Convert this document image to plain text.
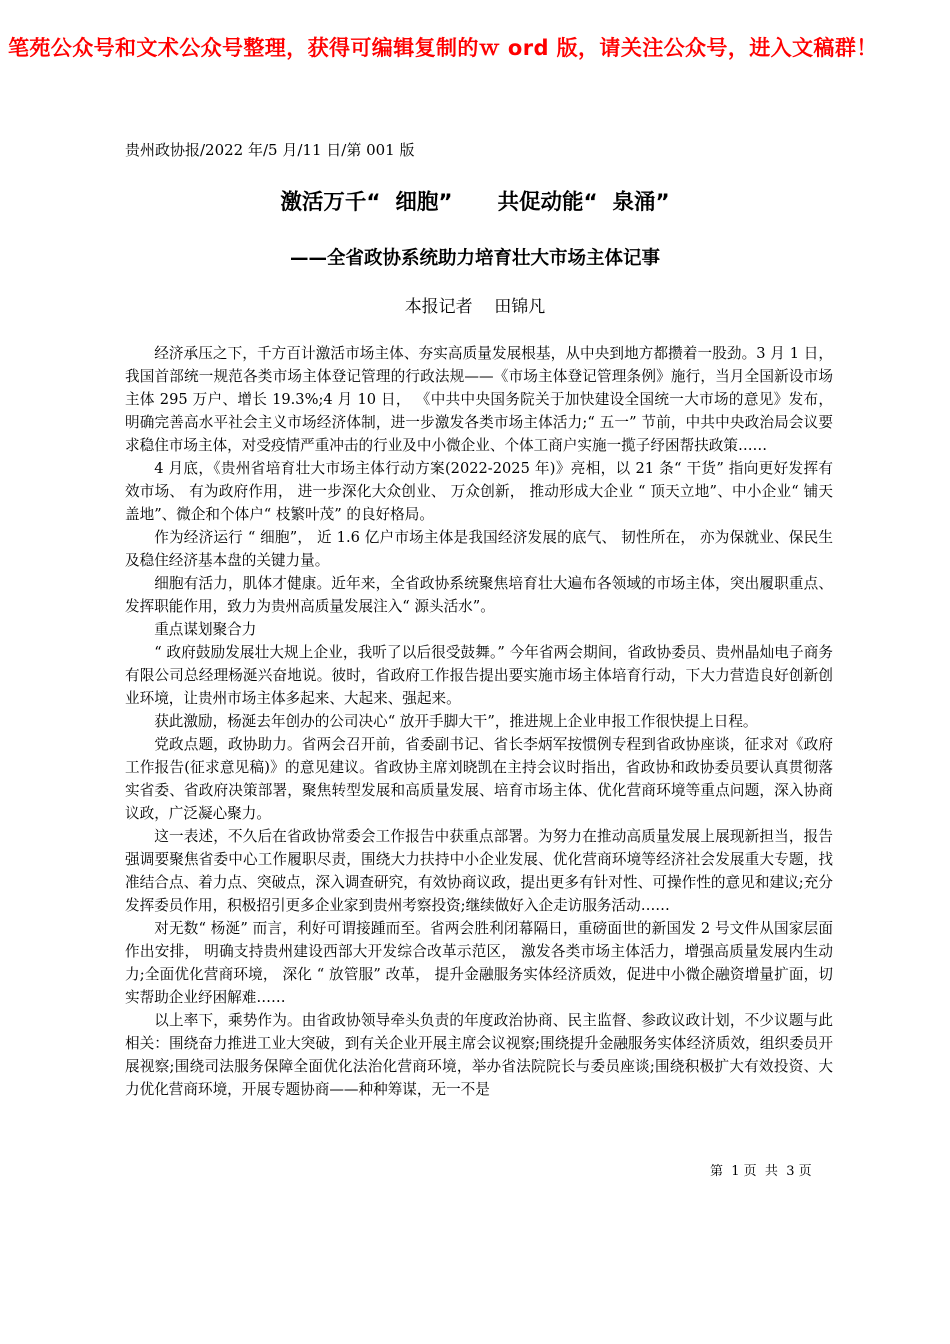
笔苑公众号和文术公众号整理，获得可编辑复制的ｗ ord 版，请关注公众号，进入文稿群！
贵州政协报/2022 年/5 月/11 日/第 001 版
激活万千“  细胞”      共促动能“  泉涌”
——全省政协系统助力培育壮大市场主体记事
本报记者    田锦凡

经济承压之下，千方百计激活市场主体、夯实高质量发展根基，从中央到地方都攒着一股劲。3 月 1 日，我国首部统一规范各类市场主体登记管理的行政法规——《市场主体登记管理条例》施行，当月全国新设市场主体 295 万户、增长 19.3%;4 月 10 日， 《中共中央国务院关于加快建设全国统一大市场的意见》发布，明确完善高水平社会主义市场经济体制，进一步激发各类市场主体活力;“ 五一” 节前，中共中央政治局会议要求稳住市场主体，对受疫情严重冲击的行业及中小微企业、个体工商户实施一揽子纾困帮扶政策……

4 月底，《贵州省培育壮大市场主体行动方案(2022-2025 年)》亮相，以 21 条“ 干货” 指向更好发挥有效市场、 有为政府作用， 进一步深化大众创业、 万众创新， 推动形成大企业 “ 顶天立地”、中小企业“ 铺天盖地”、微企和个体户“ 枝繁叶茂” 的良好格局。

作为经济运行 “ 细胞”， 近 1.6 亿户市场主体是我国经济发展的底气、 韧性所在， 亦为保就业、保民生及稳住经济基本盘的关键力量。

细胞有活力，肌体才健康。近年来，全省政协系统聚焦培育壮大遍布各领域的市场主体，突出履职重点、发挥职能作用，致力为贵州高质量发展注入“ 源头活水”。

重点谋划聚合力

“ 政府鼓励发展壮大规上企业，我听了以后很受鼓舞。” 今年省两会期间，省政协委员、贵州晶灿电子商务有限公司总经理杨涎兴奋地说。彼时，省政府工作报告提出要实施市场主体培育行动，下大力营造良好创新创业环境，让贵州市场主体多起来、大起来、强起来。

获此激励，杨涎去年创办的公司决心“ 放开手脚大干”，推进规上企业申报工作很快提上日程。

党政点题，政协助力。省两会召开前，省委副书记、省长李炳军按惯例专程到省政协座谈，征求对《政府工作报告(征求意见稿)》的意见建议。省政协主席刘晓凯在主持会议时指出，省政协和政协委员要认真贯彻落实省委、省政府决策部署，聚焦转型发展和高质量发展、培育市场主体、优化营商环境等重点问题，深入协商议政，广泛凝心聚力。

这一表述，不久后在省政协常委会工作报告中获重点部署。为努力在推动高质量发展上展现新担当，报告强调要聚焦省委中心工作履职尽责，围绕大力扶持中小企业发展、优化营商环境等经济社会发展重大专题，找准结合点、着力点、突破点，深入调查研究，有效协商议政，提出更多有针对性、可操作性的意见和建议;充分发挥委员作用，积极招引更多企业家到贵州考察投资;继续做好入企走访服务活动……

对无数“ 杨涎” 而言，利好可谓接踵而至。省两会胜利闭幕隔日，重磅面世的新国发 2 号文件从国家层面作出安排， 明确支持贵州建设西部大开发综合改革示范区， 激发各类市场主体活力，增强高质量发展内生动力;全面优化营商环境， 深化 “ 放管服” 改革， 提升金融服务实体经济质效，促进中小微企融资增量扩面，切实帮助企业纾困解难……

以上率下，乘势作为。由省政协领导牵头负责的年度政治协商、民主监督、参政议政计划，不少议题与此相关：围绕奋力推进工业大突破，到有关企业开展主席会议视察;围绕提升金融服务实体经济质效，组织委员开展视察;围绕司法服务保障全面优化法治化营商环境，举办省法院院长与委员座谈;围绕积极扩大有效投资、大力优化营商环境，开展专题协商——种种筹谋，无一不是

第  1 页  共  3 页
